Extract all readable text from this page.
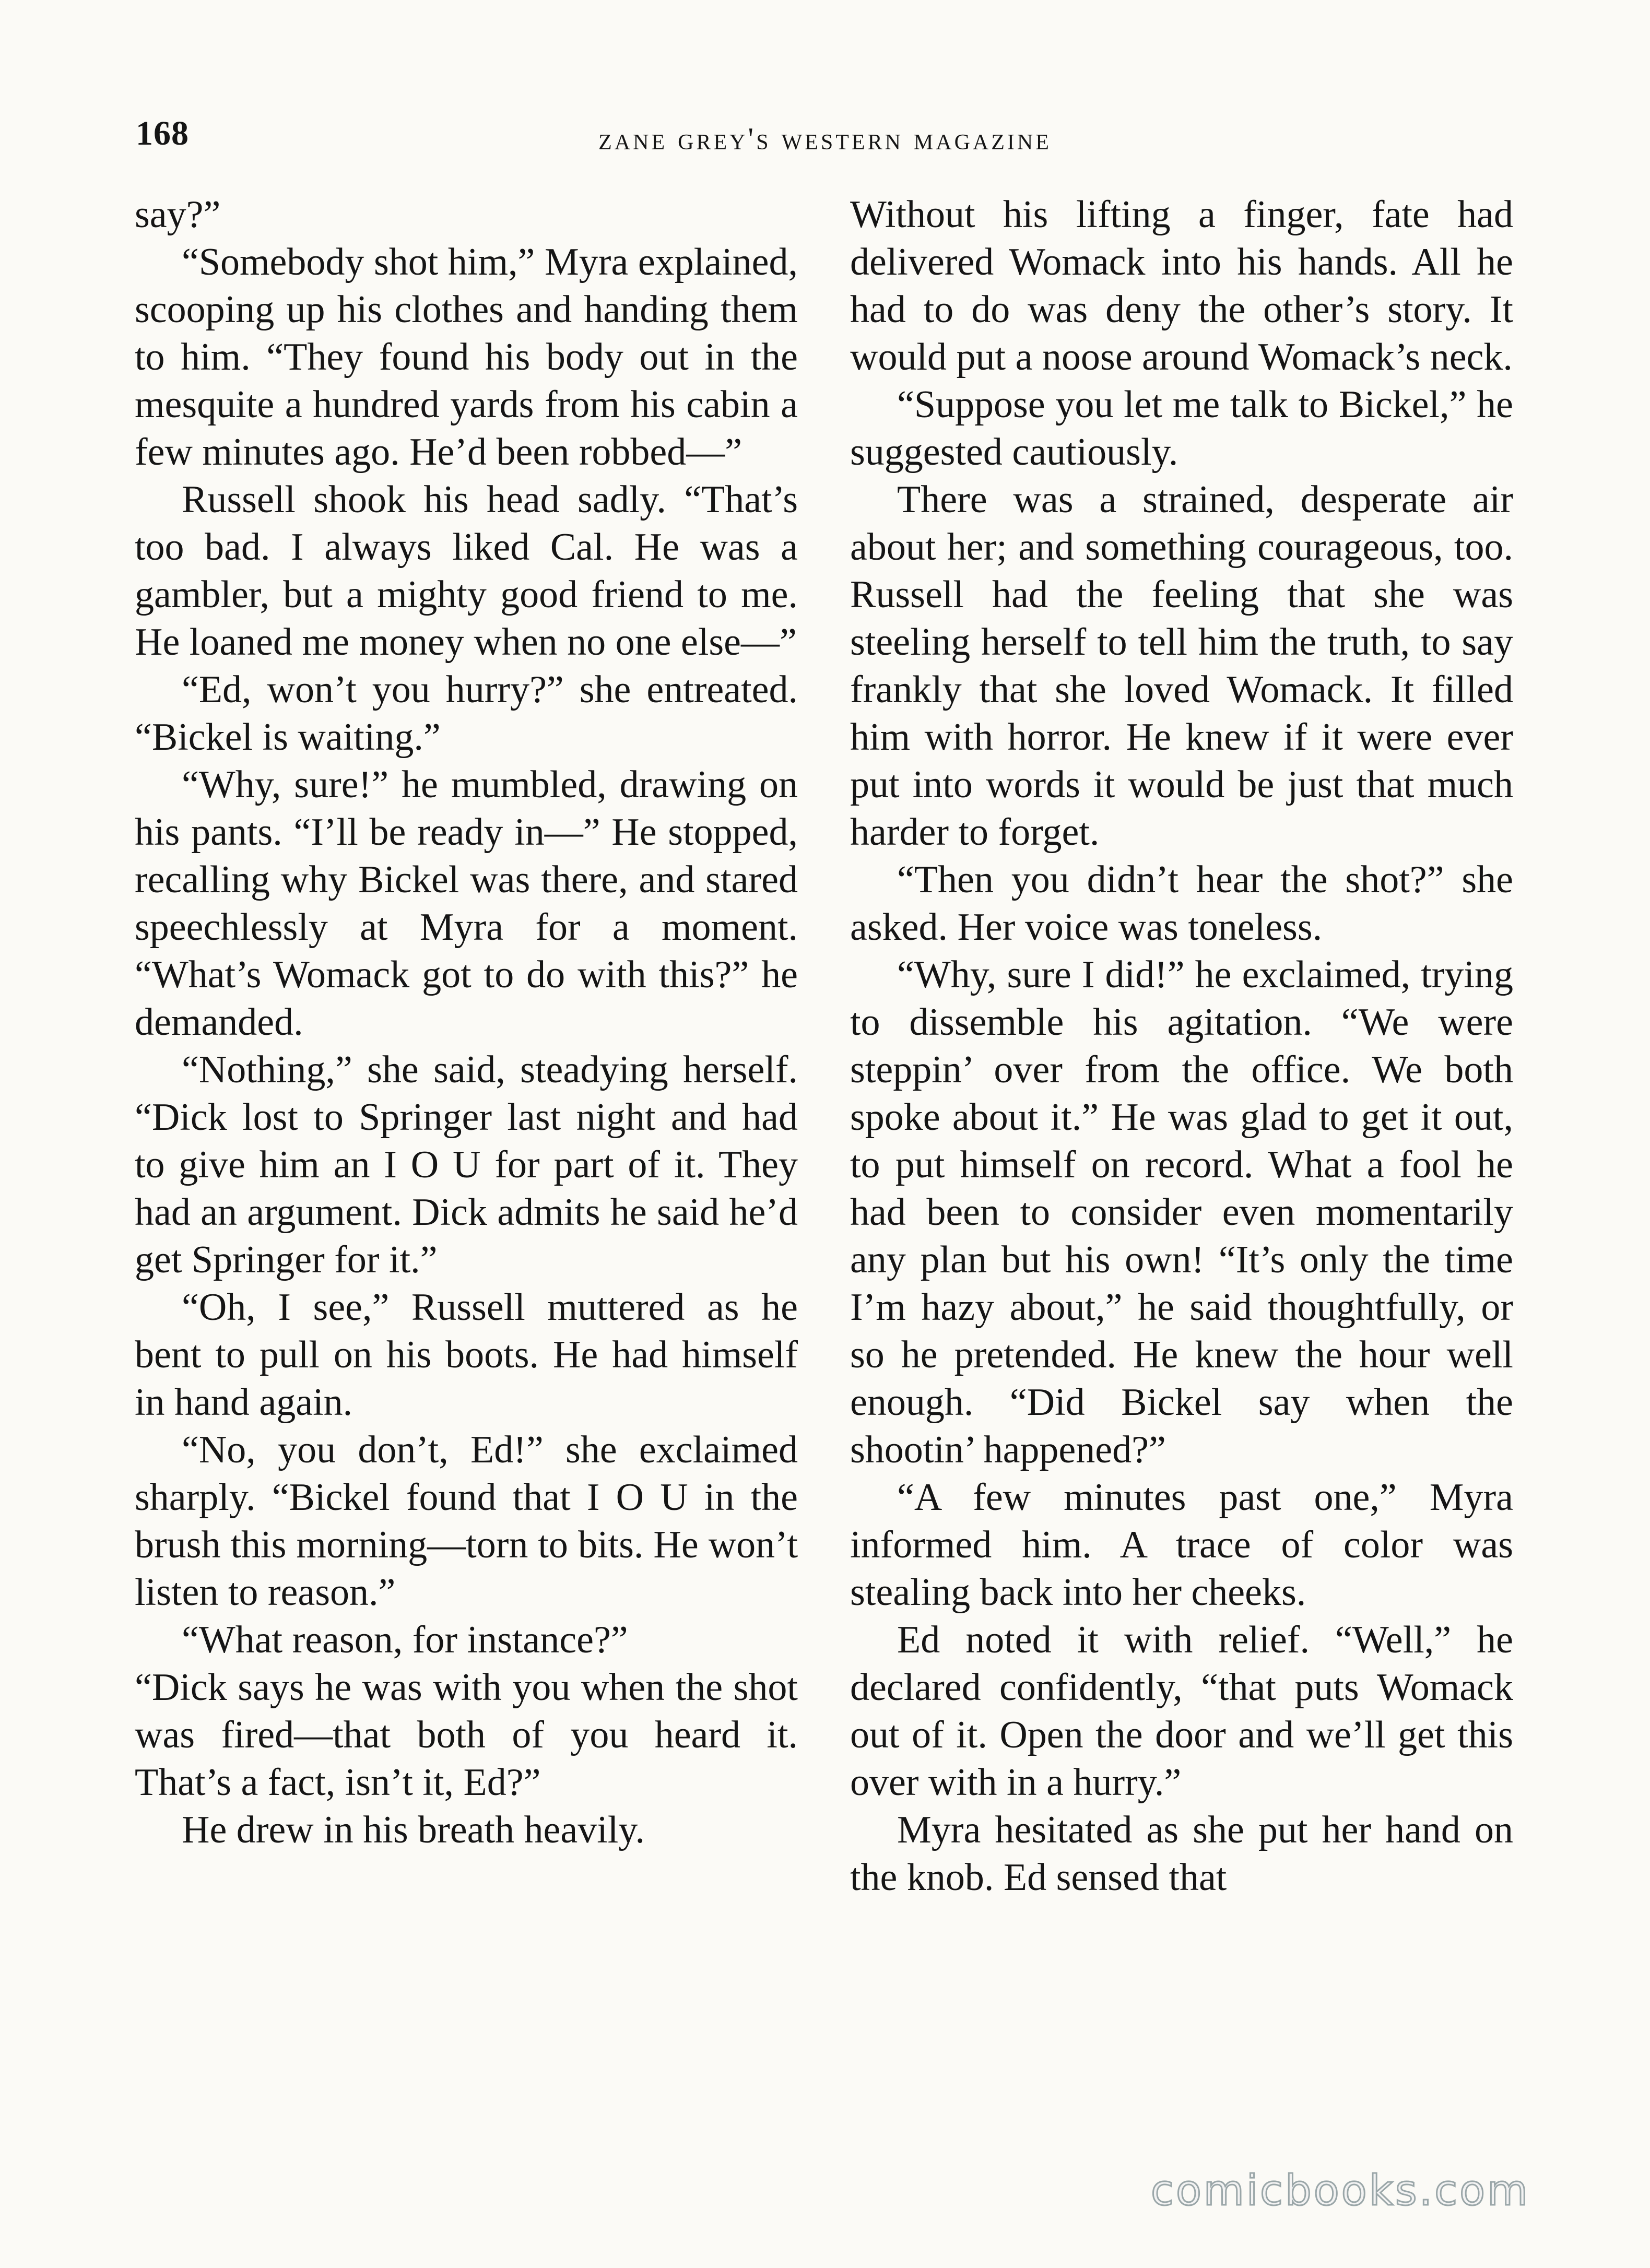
168	zane grey's western magazine

say?”

“Somebody shot him,” Myra explained, scooping up his clothes and handing them to him. “They found his body out in the mesquite a hundred yards from his cabin a few minutes ago. He’d been robbed—”

Russell shook his head sadly. “That’s too bad. I always liked Cal. He was a gambler, but a mighty good friend to me. He loaned me money when no one else—”

“Ed, won’t you hurry?” she entreated. “Bickel is waiting.”

“Why, sure!” he mumbled, drawing on his pants. “I’ll be ready in—” He stopped, recalling why Bickel was there, and stared speechlessly at Myra for a moment. “What’s Womack got to do with this?” he demanded.

“Nothing,” she said, steadying herself. “Dick lost to Springer last night and had to give him an I O U for part of it. They had an argument. Dick admits he said he’d get Springer for it.”

“Oh, I see,” Russell muttered as he bent to pull on his boots. He had himself in hand again.

“No, you don’t, Ed!” she exclaimed sharply. “Bickel found that I O U in the brush this morning—torn to bits. He won’t listen to reason.”

“What reason, for instance?”

“Dick says he was with you when the shot was fired—that both of you heard it. That’s a fact, isn’t it, Ed?”

He drew in his breath heavily.

Without his lifting a finger, fate had delivered Womack into his hands. All he had to do was deny the other’s story. It would put a noose around Womack’s neck.

“Suppose you let me talk to Bickel,” he suggested cautiously.

There was a strained, desperate air about her; and something courageous, too. Russell had the feeling that she was steeling herself to tell him the truth, to say frankly that she loved Womack. It filled him with horror. He knew if it were ever put into words it would be just that much harder to forget.

“Then you didn’t hear the shot?” she asked. Her voice was toneless.

“Why, sure I did!” he exclaimed, trying to dissemble his agitation. “We were steppin’ over from the office. We both spoke about it.” He was glad to get it out, to put himself on record. What a fool he had been to consider even momentarily any plan but his own! “It’s only the time I’m hazy about,” he said thoughtfully, or so he pretended. He knew the hour well enough. “Did Bickel say when the shootin’ happened?”

“A few minutes past one,” Myra informed him. A trace of color was stealing back into her cheeks.

Ed noted it with relief. “Well,” he declared confidently, “that puts Womack out of it. Open the door and we’ll get this over with in a hurry.”

Myra hesitated as she put her hand on the knob. Ed sensed that

comicbooks.com
